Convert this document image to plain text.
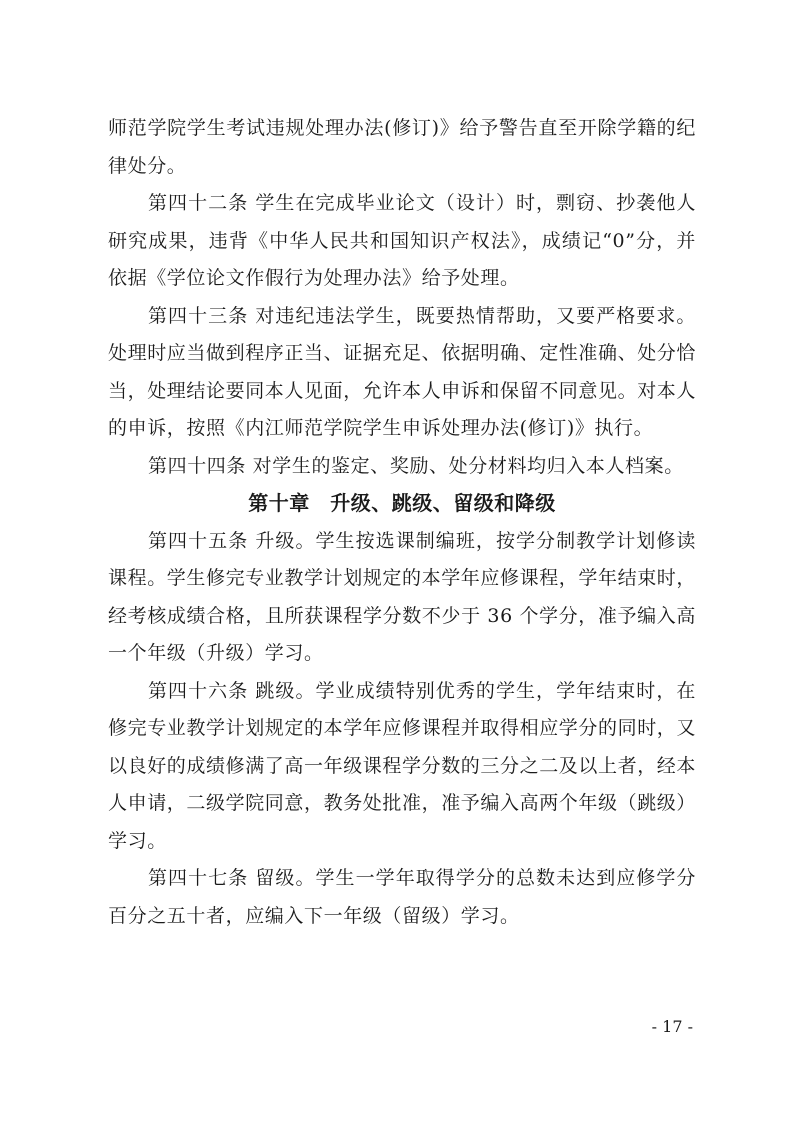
师范学院学生考试违规处理办法(修订)》给予警告直至开除学籍的纪律处分。

第四十二条 学生在完成毕业论文（设计）时，剽窃、抄袭他人研究成果，违背《中华人民共和国知识产权法》，成绩记“0”分，并依据《学位论文作假行为处理办法》给予处理。

第四十三条 对违纪违法学生，既要热情帮助，又要严格要求。处理时应当做到程序正当、证据充足、依据明确、定性准确、处分恰当，处理结论要同本人见面，允许本人申诉和保留不同意见。对本人的申诉，按照《内江师范学院学生申诉处理办法(修订)》执行。

第四十四条 对学生的鉴定、奖励、处分材料均归入本人档案。

第十章　升级、跳级、留级和降级

第四十五条 升级。学生按选课制编班，按学分制教学计划修读课程。学生修完专业教学计划规定的本学年应修课程，学年结束时，经考核成绩合格，且所获课程学分数不少于 36 个学分，准予编入高一个年级（升级）学习。

第四十六条 跳级。学业成绩特别优秀的学生，学年结束时，在修完专业教学计划规定的本学年应修课程并取得相应学分的同时，又以良好的成绩修满了高一年级课程学分数的三分之二及以上者，经本人申请，二级学院同意，教务处批准，准予编入高两个年级（跳级）学习。

第四十七条 留级。学生一学年取得学分的总数未达到应修学分百分之五十者，应编入下一年级（留级）学习。

- 17 -
